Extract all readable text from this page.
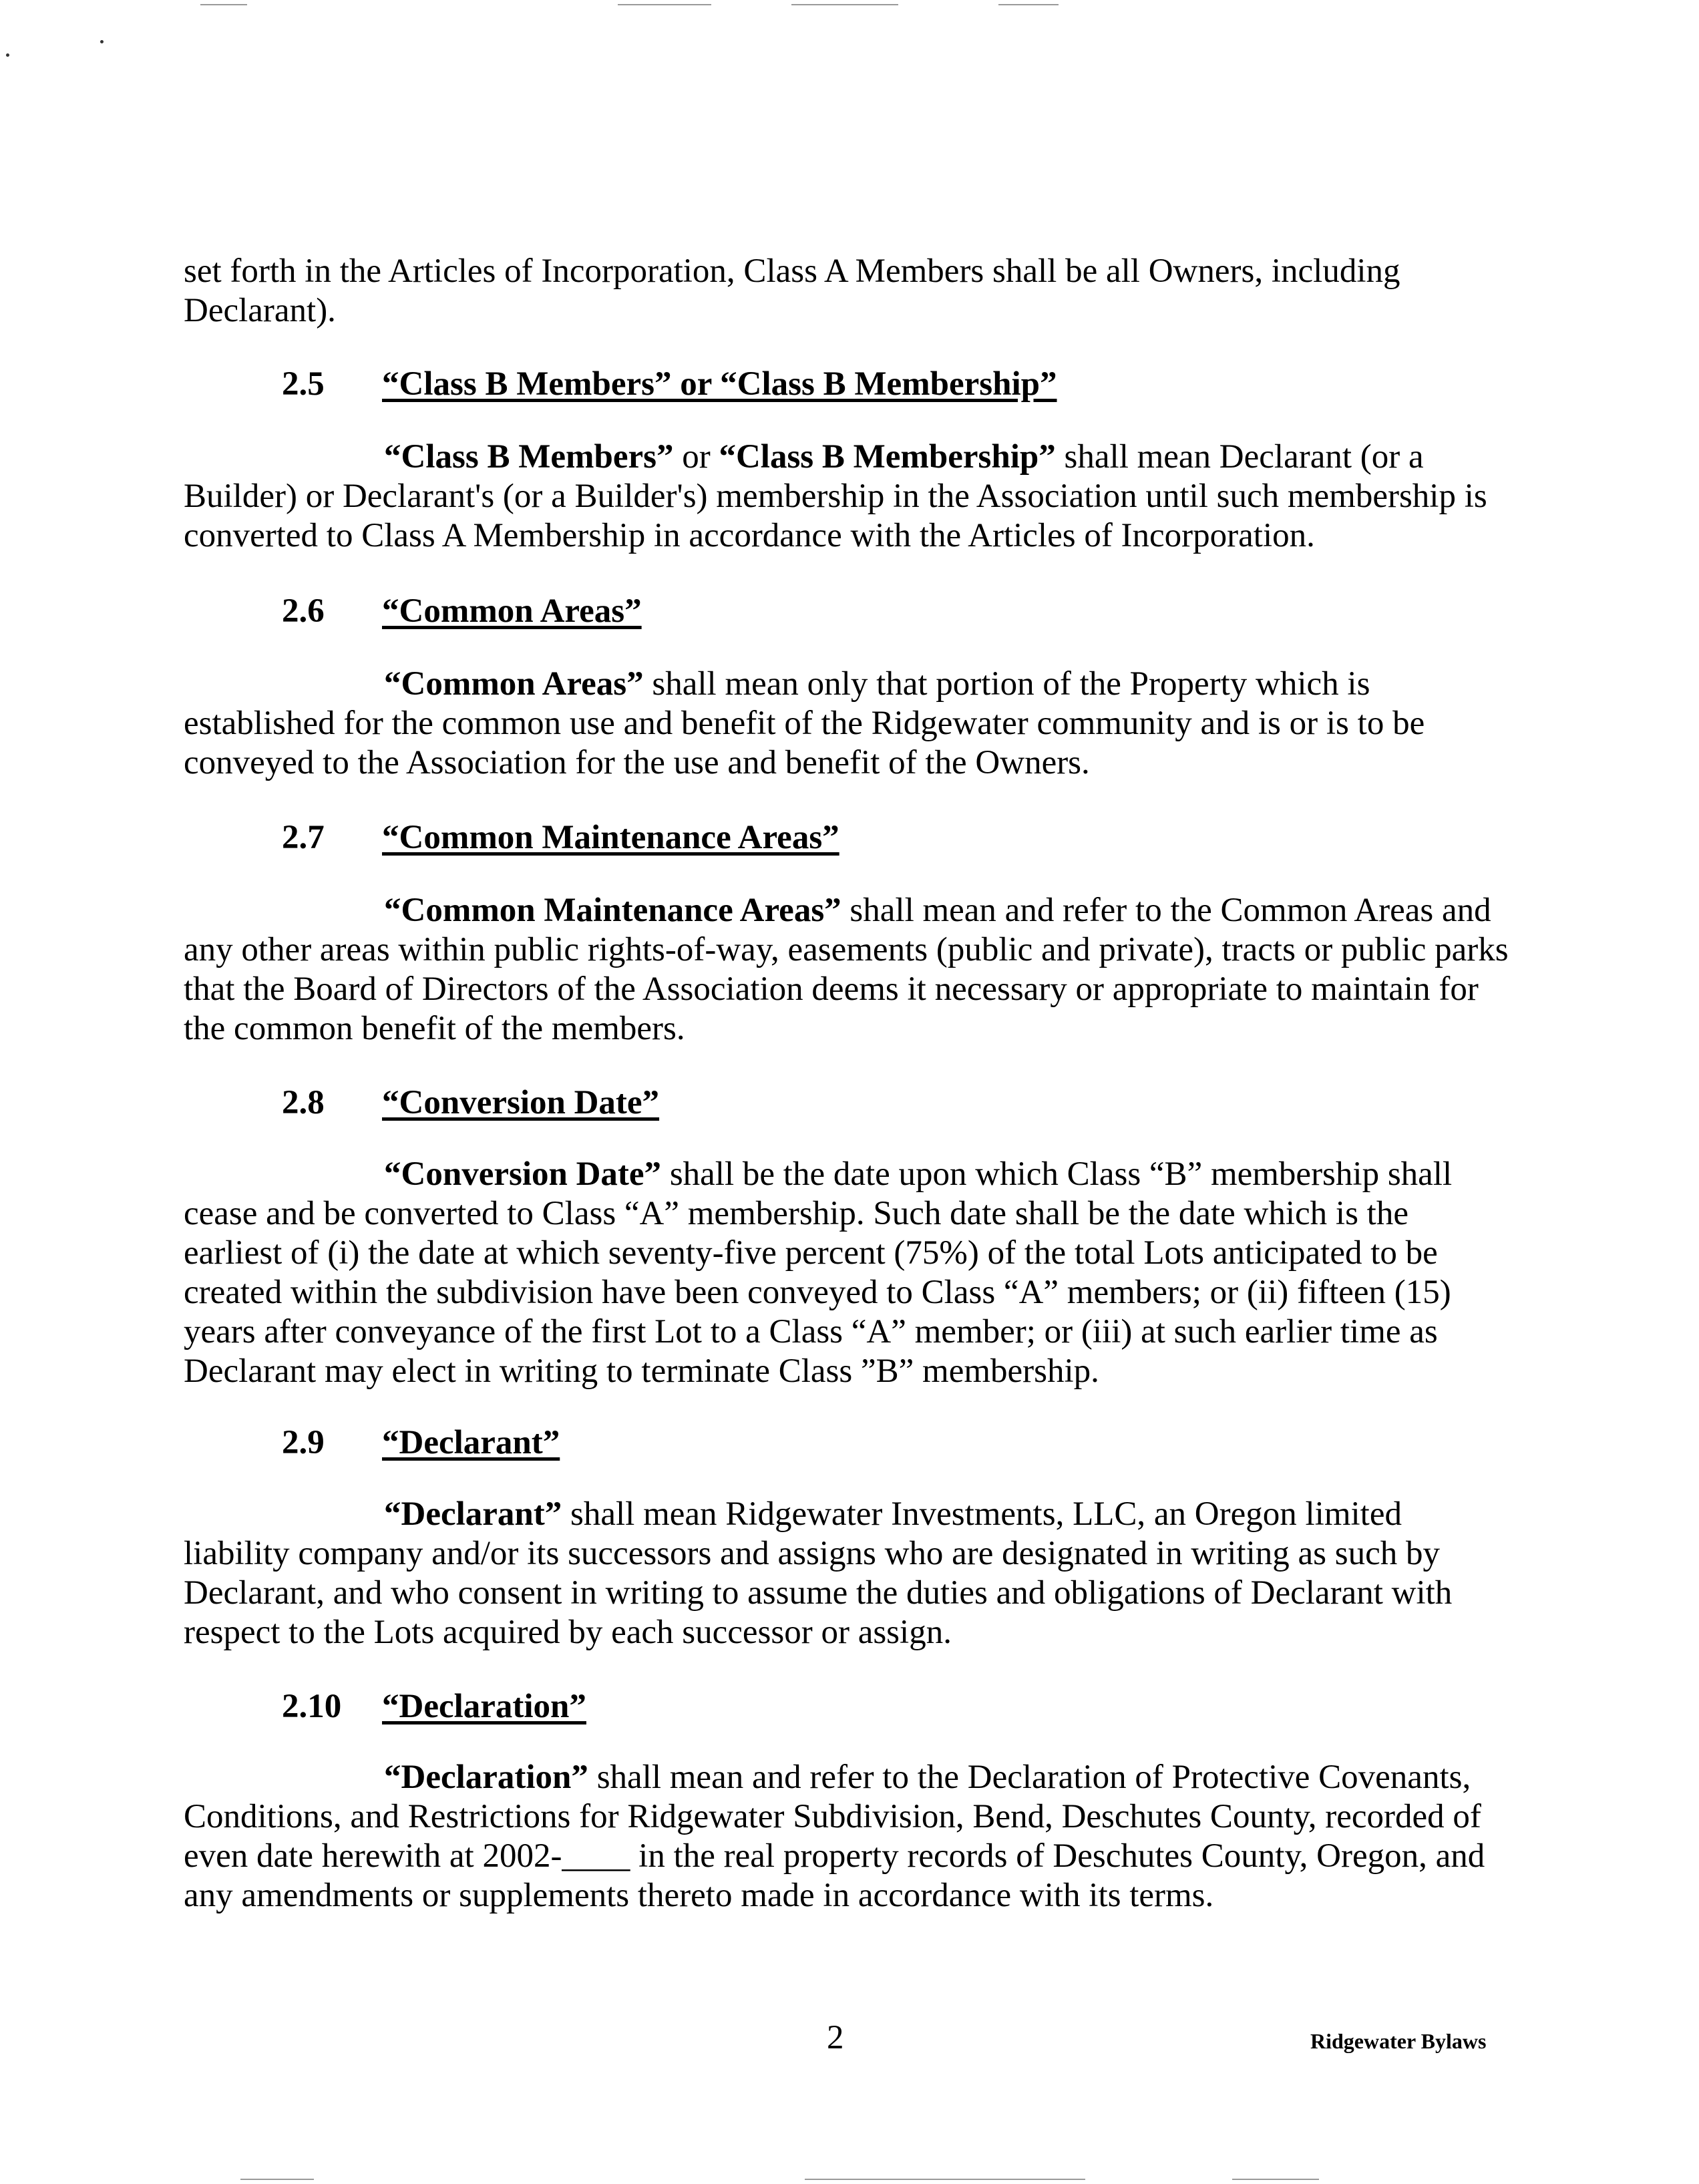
set forth in the Articles of Incorporation, Class A Members shall be all Owners, including
Declarant).

2.5 “Class B Members” or “Class B Membership”

“Class B Members” or “Class B Membership” shall mean Declarant (or a
Builder) or Declarant's (or a Builder's) membership in the Association until such membership is
converted to Class A Membership in accordance with the Articles of Incorporation.

2.6 “Common Areas”

“Common Areas” shall mean only that portion of the Property which is
established for the common use and benefit of the Ridgewater community and is or is to be
conveyed to the Association for the use and benefit of the Owners.

2.7 “Common Maintenance Areas”

“Common Maintenance Areas” shall mean and refer to the Common Areas and
any other areas within public rights-of-way, easements (public and private), tracts or public parks
that the Board of Directors of the Association deems it necessary or appropriate to maintain for
the common benefit of the members.

2.8 “Conversion Date”

“Conversion Date” shall be the date upon which Class “B” membership shall
cease and be converted to Class “A” membership. Such date shall be the date which is the
earliest of (i) the date at which seventy-five percent (75%) of the total Lots anticipated to be
created within the subdivision have been conveyed to Class “A” members; or (ii) fifteen (15)
years after conveyance of the first Lot to a Class “A” member; or (iii) at such earlier time as
Declarant may elect in writing to terminate Class ”B” membership.

2.9 “Declarant”

“Declarant” shall mean Ridgewater Investments, LLC, an Oregon limited
liability company and/or its successors and assigns who are designated in writing as such by
Declarant, and who consent in writing to assume the duties and obligations of Declarant with
respect to the Lots acquired by each successor or assign.

2.10 “Declaration”

“Declaration” shall mean and refer to the Declaration of Protective Covenants,
Conditions, and Restrictions for Ridgewater Subdivision, Bend, Deschutes County, recorded of
even date herewith at 2002-____ in the real property records of Deschutes County, Oregon, and
any amendments or supplements thereto made in accordance with its terms.

2	Ridgewater Bylaws
